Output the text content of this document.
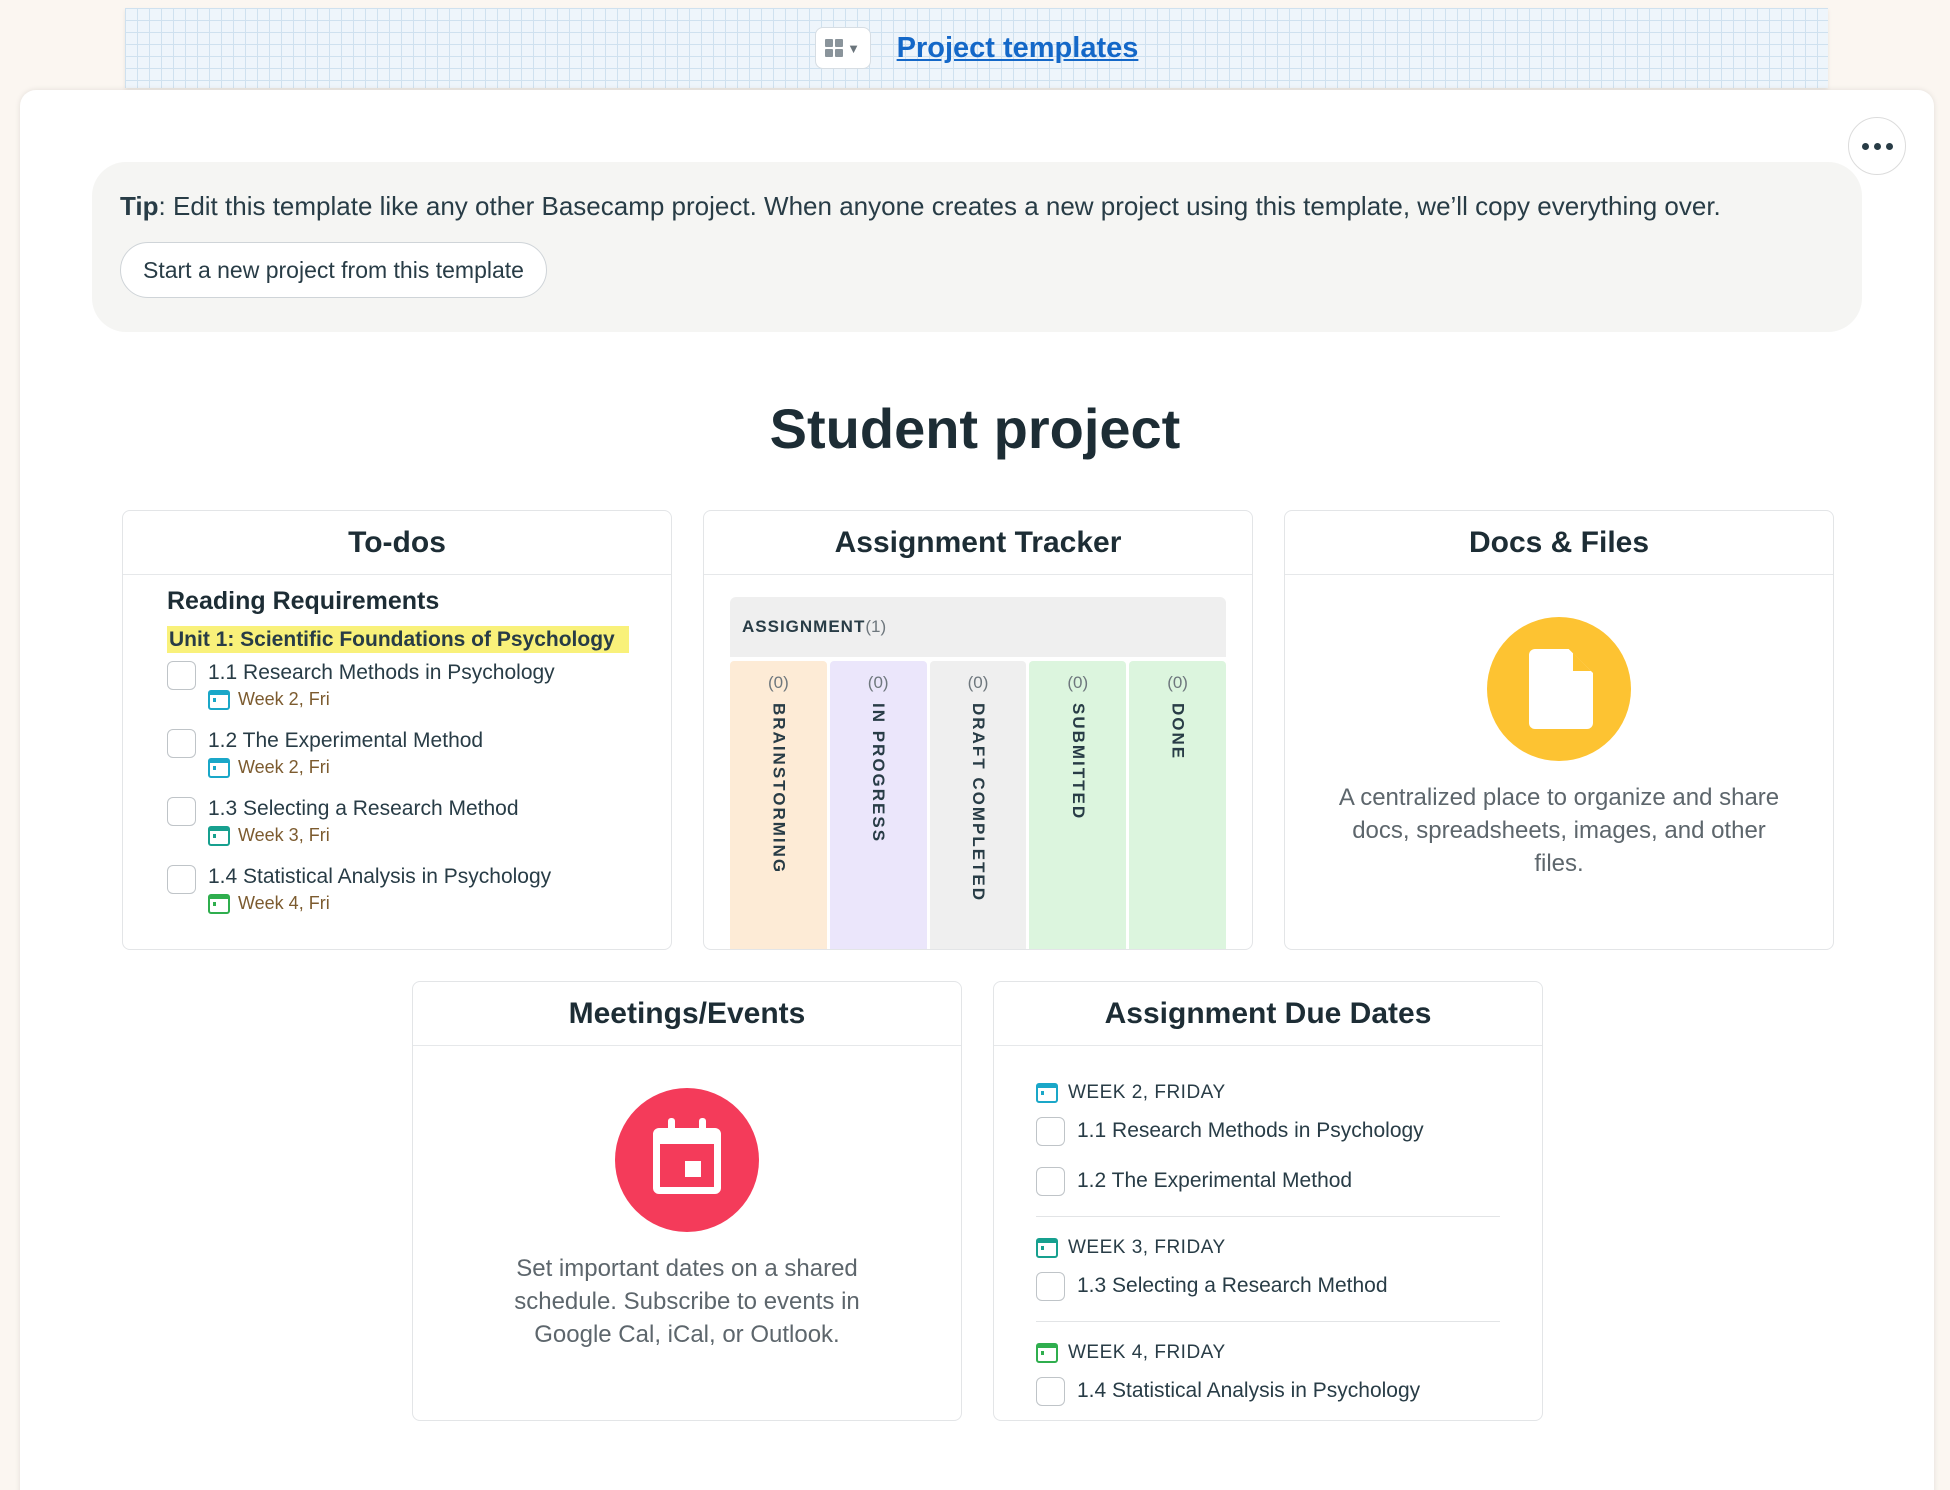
▼ Project templates
Tip: Edit this template like any other Basecamp project. When anyone creates a new project using this template, we’ll copy everything over.
Start a new project from this template
Student project
To-dos
Reading Requirements
Unit 1: Scientific Foundations of Psychology
1.1 Research Methods in Psychology
Week 2, Fri
1.2 The Experimental Method
Week 2, Fri
1.3 Selecting a Research Method
Week 3, Fri
1.4 Statistical Analysis in Psychology
Week 4, Fri
Assignment Tracker
ASSIGNMENT(1)
(0)
BRAINSTORMING
(0)
IN PROGRESS
(0)
DRAFT COMPLETED
(0)
SUBMITTED
(0)
DONE
Docs & Files
A centralized place to organize and share docs, spreadsheets, images, and other files.
Meetings/Events
Set important dates on a shared schedule. Subscribe to events in Google Cal, iCal, or Outlook.
Assignment Due Dates
WEEK 2, FRIDAY
1.1 Research Methods in Psychology
1.2 The Experimental Method
WEEK 3, FRIDAY
1.3 Selecting a Research Method
WEEK 4, FRIDAY
1.4 Statistical Analysis in Psychology
